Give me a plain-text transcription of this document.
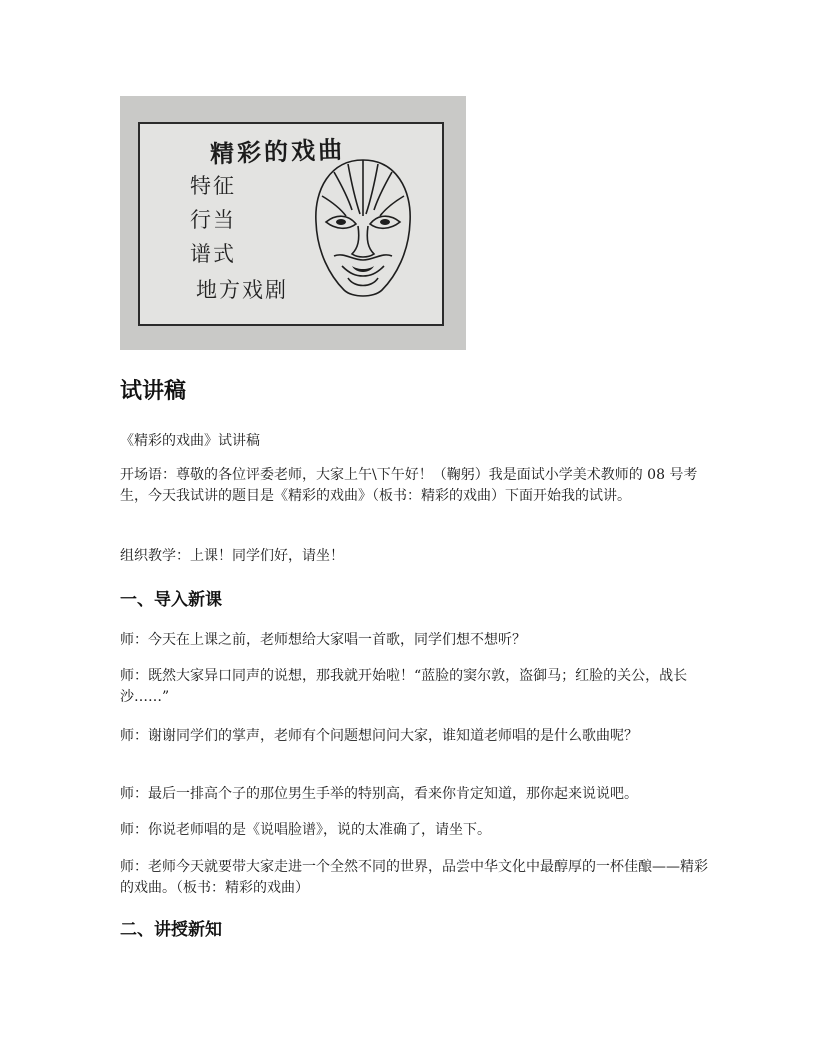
精彩的戏曲
特征
行当
谱式
地方戏剧
试讲稿

《精彩的戏曲》试讲稿

开场语：尊敬的各位评委老师，大家上午\下午好！（鞠躬）我是面试小学美术教师的 08 号考生，今天我试讲的题目是《精彩的戏曲》（板书：精彩的戏曲）下面开始我的试讲。

组织教学：上课！同学们好，请坐！

一、导入新课

师：今天在上课之前，老师想给大家唱一首歌，同学们想不想听？

师：既然大家异口同声的说想，那我就开始啦！“蓝脸的窦尔敦，盗御马；红脸的关公，战长沙……”

师：谢谢同学们的掌声，老师有个问题想问问大家，谁知道老师唱的是什么歌曲呢？

师：最后一排高个子的那位男生手举的特别高，看来你肯定知道，那你起来说说吧。

师：你说老师唱的是《说唱脸谱》，说的太准确了，请坐下。

师：老师今天就要带大家走进一个全然不同的世界，品尝中华文化中最醇厚的一杯佳酿——精彩的戏曲。（板书：精彩的戏曲）

二、讲授新知
